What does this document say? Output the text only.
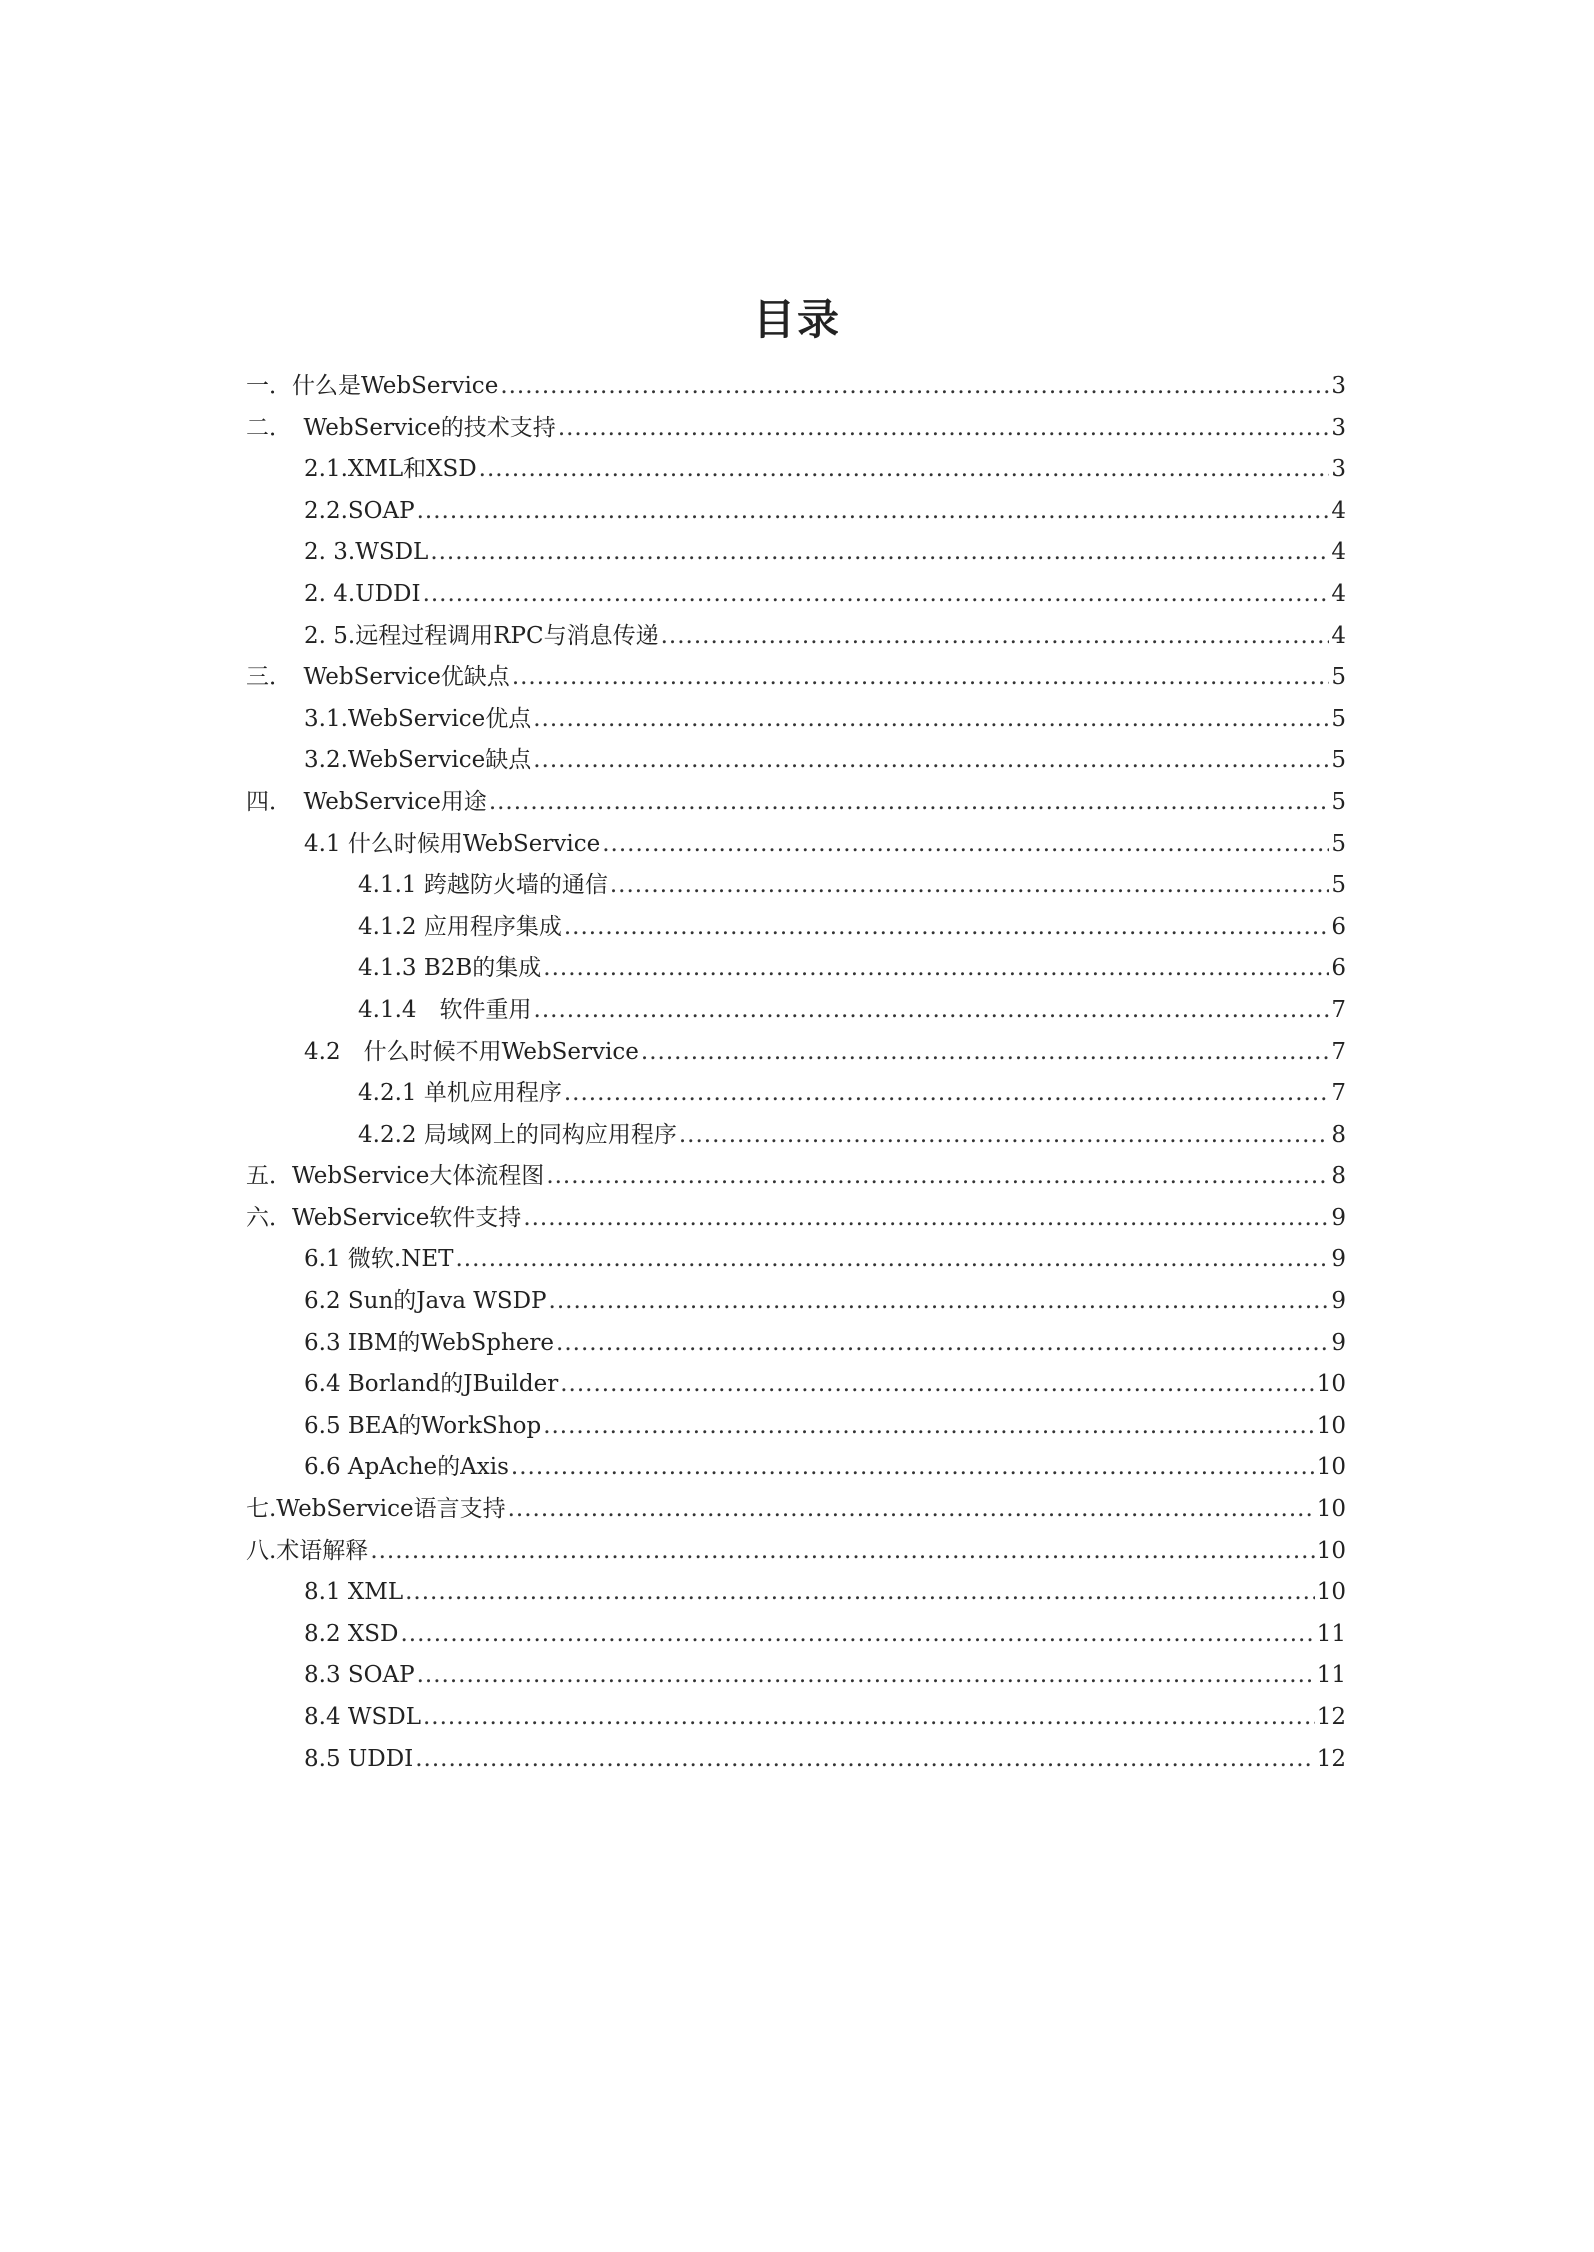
目录
一．什么是WebService .....	3
二．　WebService的技术支持 .....	3
2.1.XML和XSD .....	3
2.2.SOAP .....	4
2. 3.WSDL .....	4
2. 4.UDDI .....	4
2. 5.远程过程调用RPC与消息传递 .....	4
三．　WebService优缺点 .....	5
3.1.WebService优点 .....	5
3.2.WebService缺点 .....	5
四．　WebService用途 .....	5
4.1 什么时候用WebService .....	5
4.1.1 跨越防火墙的通信 .....	5
4.1.2 应用程序集成 .....	6
4.1.3 B2B的集成 .....	6
4.1.4　软件重用 .....	7
4.2　什么时候不用WebService .....	7
4.2.1 单机应用程序 .....	7
4.2.2 局域网上的同构应用程序 .....	8
五．WebService大体流程图 .....	8
六．WebService软件支持 .....	9
6.1 微软.NET .....	9
6.2 Sun的Java WSDP .....	9
6.3 IBM的WebSphere .....	9
6.4 Borland的JBuilder .....	10
6.5 BEA的WorkShop .....	10
6.6 ApAche的Axis .....	10
七.WebService语言支持 .....	10
八.术语解释 .....	10
8.1 XML .....	10
8.2 XSD .....	11
8.3 SOAP .....	11
8.4 WSDL .....	12
8.5 UDDI .....	12
